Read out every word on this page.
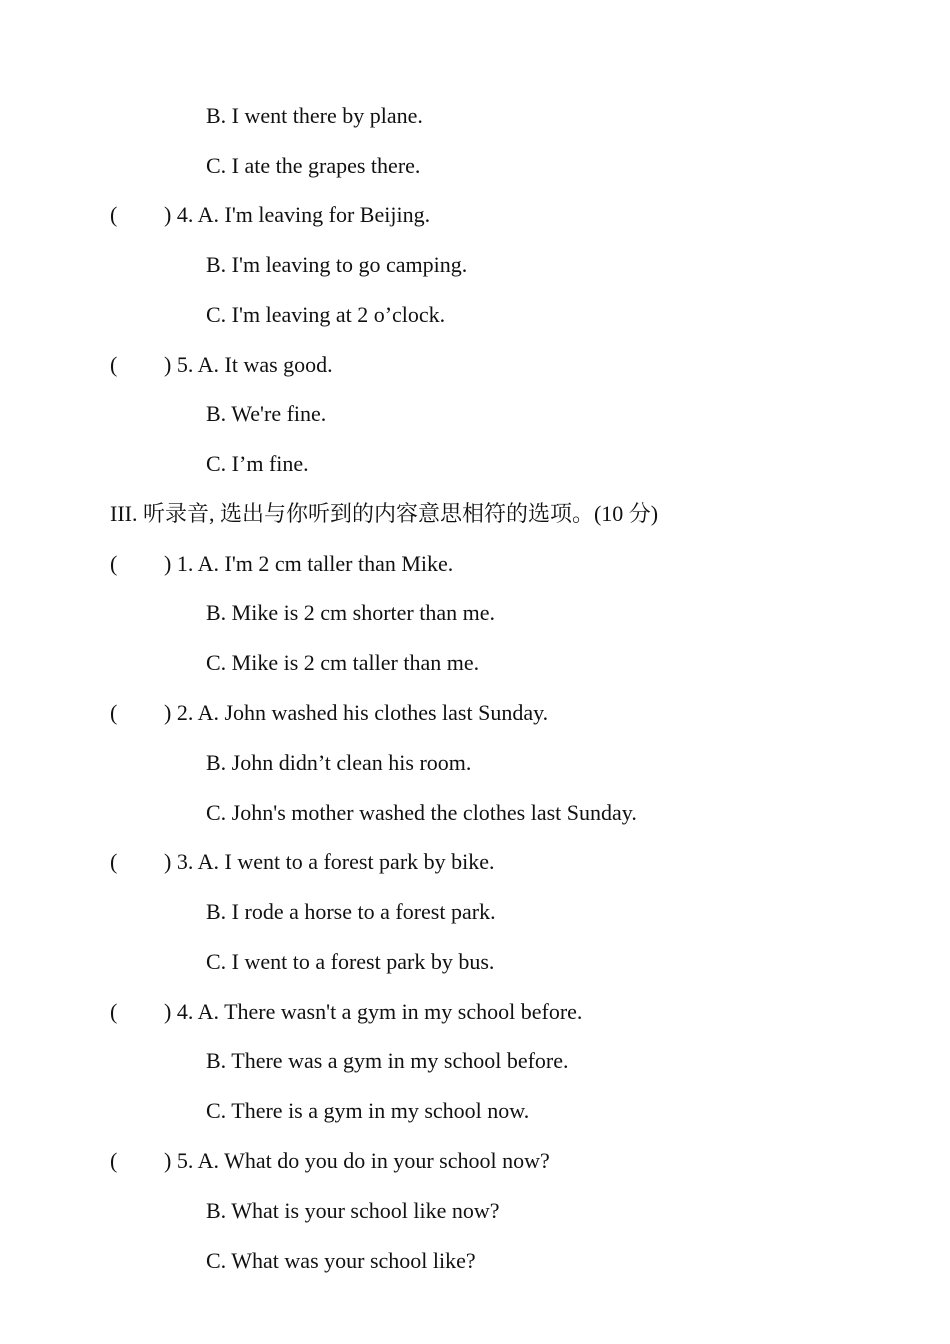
B. I went there by plane.
C. I ate the grapes there.
( ) 4. A. I'm leaving for Beijing.
B. I'm leaving to go camping.
C. I'm leaving at 2 o’clock.
( ) 5. A. It was good.
B. We're fine.
C. I’m fine.
III. 听录音, 选出与你听到的内容意思相符的选项。(10 分)
( ) 1. A. I'm 2 cm taller than Mike.
B. Mike is 2 cm shorter than me.
C. Mike is 2 cm taller than me.
( ) 2. A. John washed his clothes last Sunday.
B. John didn’t clean his room.
C. John's mother washed the clothes last Sunday.
( ) 3. A. I went to a forest park by bike.
B. I rode a horse to a forest park.
C. I went to a forest park by bus.
( ) 4. A. There wasn't a gym in my school before.
B. There was a gym in my school before.
C. There is a gym in my school now.
( ) 5. A. What do you do in your school now?
B. What is your school like now?
C. What was your school like?
